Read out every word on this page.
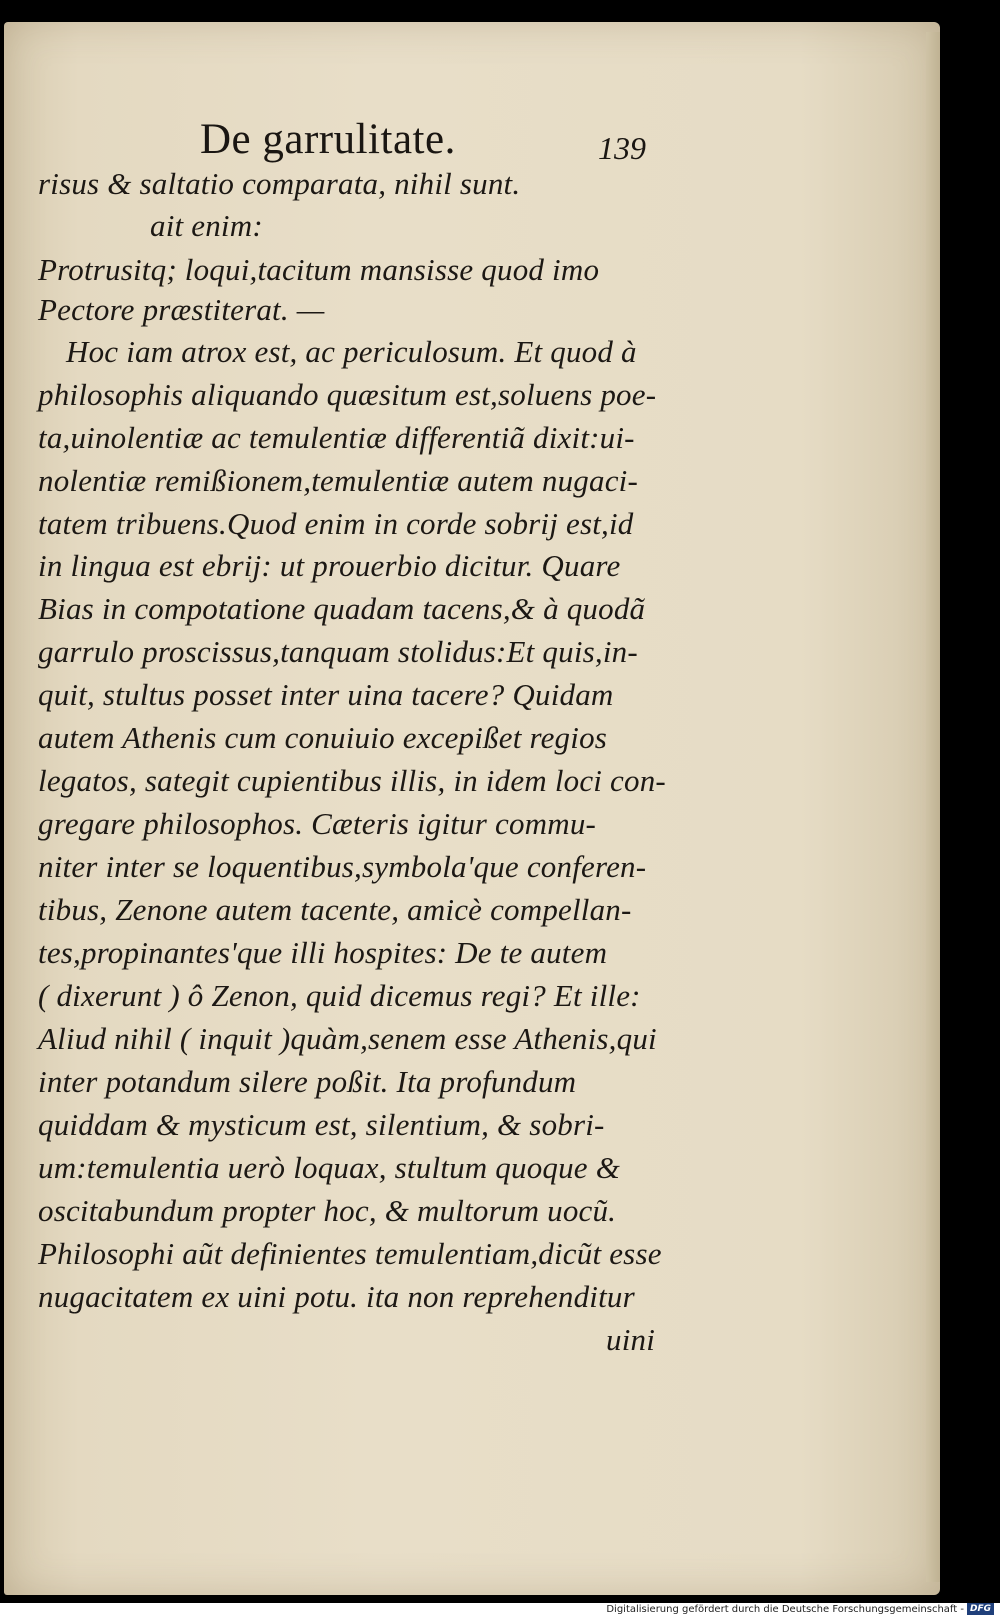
De garrulitate.	139
risus & saltatio comparata, nihil sunt.
ait enim:
Protrusitq; loqui,tacitum mansisse quod imo
Pectore præstiterat. —
Hoc iam atrox est, ac periculosum. Et quod à
philosophis aliquando quæsitum est,soluens poe-
ta,uinolentiæ ac temulentiæ differentiã dixit:ui-
nolentiæ remißionem,temulentiæ autem nugaci-
tatem tribuens.Quod enim in corde sobrij est,id
in lingua est ebrij: ut prouerbio dicitur. Quare
Bias in compotatione quadam tacens,& à quodã
garrulo proscissus,tanquam stolidus:Et quis,in-
quit, stultus posset inter uina tacere? Quidam
autem Athenis cum conuiuio excepißet regios
legatos, sategit cupientibus illis, in idem loci con-
gregare philosophos. Cæteris igitur commu-
niter inter se loquentibus,symbola'que conferen-
tibus, Zenone autem tacente, amicè compellan-
tes,propinantes'que illi hospites: De te autem
( dixerunt ) ô Zenon, quid dicemus regi? Et ille:
Aliud nihil ( inquit )quàm,senem esse Athenis,qui
inter potandum silere poßit. Ita profundum
quiddam & mysticum est, silentium, & sobri-
um:temulentia uerò loquax, stultum quoque &
oscitabundum propter hoc, & multorum uocũ.
Philosophi aũt definientes temulentiam,dicũt esse
nugacitatem ex uini potu. ita non reprehenditur
uini
Digitalisierung gefördert durch die Deutsche Forschungsgemeinschaft - DFG
